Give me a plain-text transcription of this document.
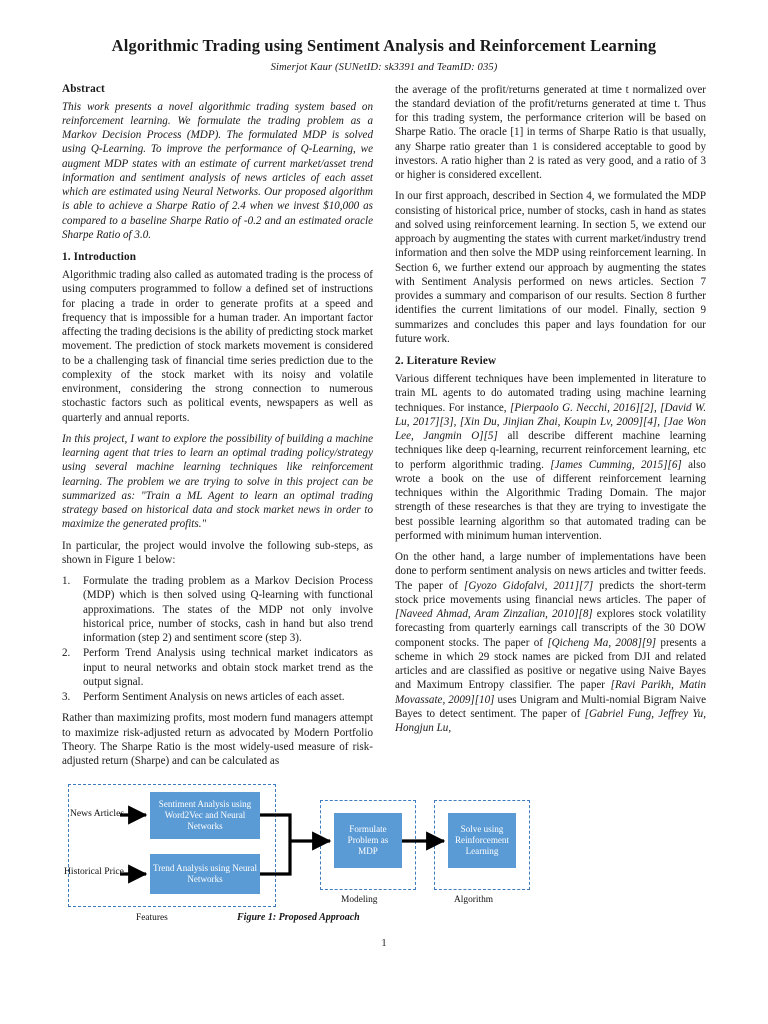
Algorithmic Trading using Sentiment Analysis and Reinforcement Learning
Simerjot Kaur (SUNetID: sk3391 and TeamID: 035)
Abstract

This work presents a novel algorithmic trading system based on reinforcement learning. We formulate the trading problem as a Markov Decision Process (MDP). The formulated MDP is solved using Q-Learning. To improve the performance of Q-Learning, we augment MDP states with an estimate of current market/asset trend information and sentiment analysis of news articles of each asset which are estimated using Neural Networks. Our proposed algorithm is able to achieve a Sharpe Ratio of 2.4 when we invest $10,000 as compared to a baseline Sharpe Ratio of -0.2 and an estimated oracle Sharpe Ratio of 3.0.

1. Introduction

Algorithmic trading also called as automated trading is the process of using computers programmed to follow a defined set of instructions for placing a trade in order to generate profits at a speed and frequency that is impossible for a human trader. An important factor affecting the trading decisions is the ability of predicting stock market movement. The prediction of stock markets movement is considered to be a challenging task of financial time series prediction due to the complexity of the stock market with its noisy and volatile environment, considering the strong connection to numerous stochastic factors such as political events, newspapers as well as quarterly and annual reports.

In this project, I want to explore the possibility of building a machine learning agent that tries to learn an optimal trading policy/strategy using several machine learning techniques like reinforcement learning. The problem we are trying to solve in this project can be summarized as: "Train a ML Agent to learn an optimal trading strategy based on historical data and stock market news in order to maximize the generated profits."

In particular, the project would involve the following sub-steps, as shown in Figure 1 below:

Formulate the trading problem as a Markov Decision Process (MDP) which is then solved using Q-learning with functional approximations. The states of the MDP not only involve historical price, number of stocks, cash in hand but also trend information (step 2) and sentiment score (step 3).
Perform Trend Analysis using technical market indicators as input to neural networks and obtain stock market trend as the output signal.
Perform Sentiment Analysis on news articles of each asset.

Rather than maximizing profits, most modern fund managers attempt to maximize risk-adjusted return as advocated by Modern Portfolio Theory. The Sharpe Ratio is the most widely-used measure of risk-adjusted return (Sharpe) and can be calculated as

the average of the profit/returns generated at time t normalized over the standard deviation of the profit/returns generated at time t. Thus for this trading system, the performance criterion will be based on Sharpe Ratio. The oracle [1] in terms of Sharpe Ratio is that usually, any Sharpe ratio greater than 1 is considered acceptable to good by investors. A ratio higher than 2 is rated as very good, and a ratio of 3 or higher is considered excellent.

In our first approach, described in Section 4, we formulated the MDP consisting of historical price, number of stocks, cash in hand as states and solved using reinforcement learning. In section 5, we extend our approach by augmenting the states with current market/industry trend information and then solve the MDP using reinforcement learning. In Section 6, we further extend our approach by augmenting the states with Sentiment Analysis performed on news articles. Section 7 provides a summary and comparison of our results. Section 8 further identifies the current limitations of our model. Finally, section 9 summarizes and concludes this paper and lays foundation for our future work.

2. Literature Review

Various different techniques have been implemented in literature to train ML agents to do automated trading using machine learning techniques. For instance, [Pierpaolo G. Necchi, 2016][2], [David W. Lu, 2017][3], [Xin Du, Jinjian Zhai, Koupin Lv, 2009][4], [Jae Won Lee, Jangmin O][5] all describe different machine learning techniques like deep q-learning, recurrent reinforcement learning, etc to perform algorithmic trading. [James Cumming, 2015][6] also wrote a book on the use of different reinforcement learning techniques within the Algorithmic Trading Domain. The major strength of these researches is that they are trying to investigate the best possible learning algorithm so that automated trading can be performed with minimum human intervention.

On the other hand, a large number of implementations have been done to perform sentiment analysis on news articles and twitter feeds. The paper of [Gyozo Gidofalvi, 2011][7] predicts the short-term stock price movements using financial news articles. The paper of [Naveed Ahmad, Aram Zinzalian, 2010][8] explores stock volatility forecasting from quarterly earnings call transcripts of the 30 DOW component stocks. The paper of [Qicheng Ma, 2008][9] presents a scheme in which 29 stock names are picked from DJI and related articles and are classified as positive or negative using Naive Bayes and Maximum Entropy classifier. The paper [Ravi Parikh, Matin Movassate, 2009][10] uses Unigram and Multi-nomial Bigram Naive Bayes to detect sentiment. The paper of [Gabriel Fung, Jeffrey Yu, Hongjun Lu,

News Articles
Historical Price
Sentiment Analysis using Word2Vec and Neural Networks
Trend Analysis using Neural Networks
Formulate Problem as MDP
Solve using Reinforcement Learning
Features
Modeling	Algorithm
Figure 1: Proposed Approach
1
